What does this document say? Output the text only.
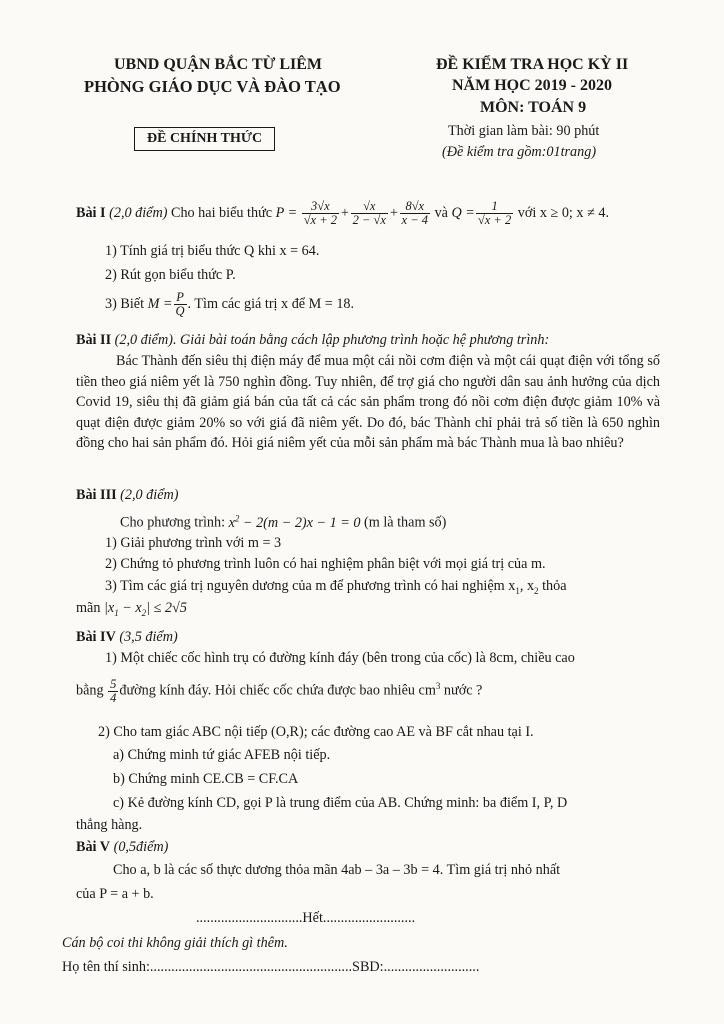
UBND QUẬN BẮC TỪ LIÊM
PHÒNG GIÁO DỤC VÀ ĐÀO TẠO
ĐỀ CHÍNH THỨC
ĐỀ KIỂM TRA HỌC KỲ II
NĂM HỌC 2019 - 2020
MÔN: TOÁN 9
Thời gian làm bài: 90 phút
(Đề kiểm tra gồm:01trang)
Bài I (2,0 điểm) Cho hai biểu thức $P = \frac{3√x}{√x + 2} + \frac{√x}{2 - √x} + \frac{8√x}{x - 4}$ và $Q = \frac{1}{√x + 2}$ với x ≥ 0; x ≠ 4.
1) Tính giá trị biểu thức Q khi x = 64.
2) Rút gọn biểu thức P.
3) Biết $M = \frac{P}{Q}$ . Tìm các giá trị x để M = 18.
Bài II (2,0 điểm). Giải bài toán bằng cách lập phương trình hoặc hệ phương trình:
Bác Thành đến siêu thị điện máy để mua một cái nồi cơm điện và một cái quạt điện với tổng số tiền theo giá niêm yết là 750 nghìn đồng. Tuy nhiên, để trợ giá cho người dân sau ảnh hưởng của dịch Covid 19, siêu thị đã giảm giá bán của tất cả các sản phẩm trong đó nồi cơm điện được giảm 10% và quạt điện được giảm 20% so với giá đã niêm yết. Do đó, bác Thành chỉ phải trả số tiền là 650 nghìn đồng cho hai sản phẩm đó. Hỏi giá niêm yết của mỗi sản phẩm mà bác Thành mua là bao nhiêu?
Bài III (2,0 điểm)
Cho phương trình: $x^2 - 2(m - 2)x - 1 = 0$ (m là tham số)
1) Giải phương trình với m = 3
2) Chứng tỏ phương trình luôn có hai nghiệm phân biệt với mọi giá trị của m.
3) Tìm các giá trị nguyên dương của m để phương trình có hai nghiệm $x_1$, $x_2$ thỏa
mãn $|x_1 - x_2| \le 2√5$
Bài IV (3,5 điểm)
1) Một chiếc cốc hình trụ có đường kính đáy (bên trong của cốc) là 8cm, chiều cao
bằng $\frac{5}{4}$ đường kính đáy. Hỏi chiếc cốc chứa được bao nhiêu $cm^3$ nước ?
2) Cho tam giác ABC nội tiếp (O,R); các đường cao AE và BF cắt nhau tại I.
a) Chứng minh tứ giác AFEB nội tiếp.
b) Chứng minh CE.CB = CF.CA
c) Kẻ đường kính CD, gọi P là trung điểm của AB. Chứng minh: ba điểm I, P, D
thẳng hàng.
Bài V (0,5điểm)
Cho a, b là các số thực dương thỏa mãn 4ab – 3a – 3b = 4. Tìm giá trị nhỏ nhất
của P = a + b.
..............................Hết..........................
Cán bộ coi thi không giải thích gì thêm.
Họ tên thí sinh:.........................................................SBD:...........................
